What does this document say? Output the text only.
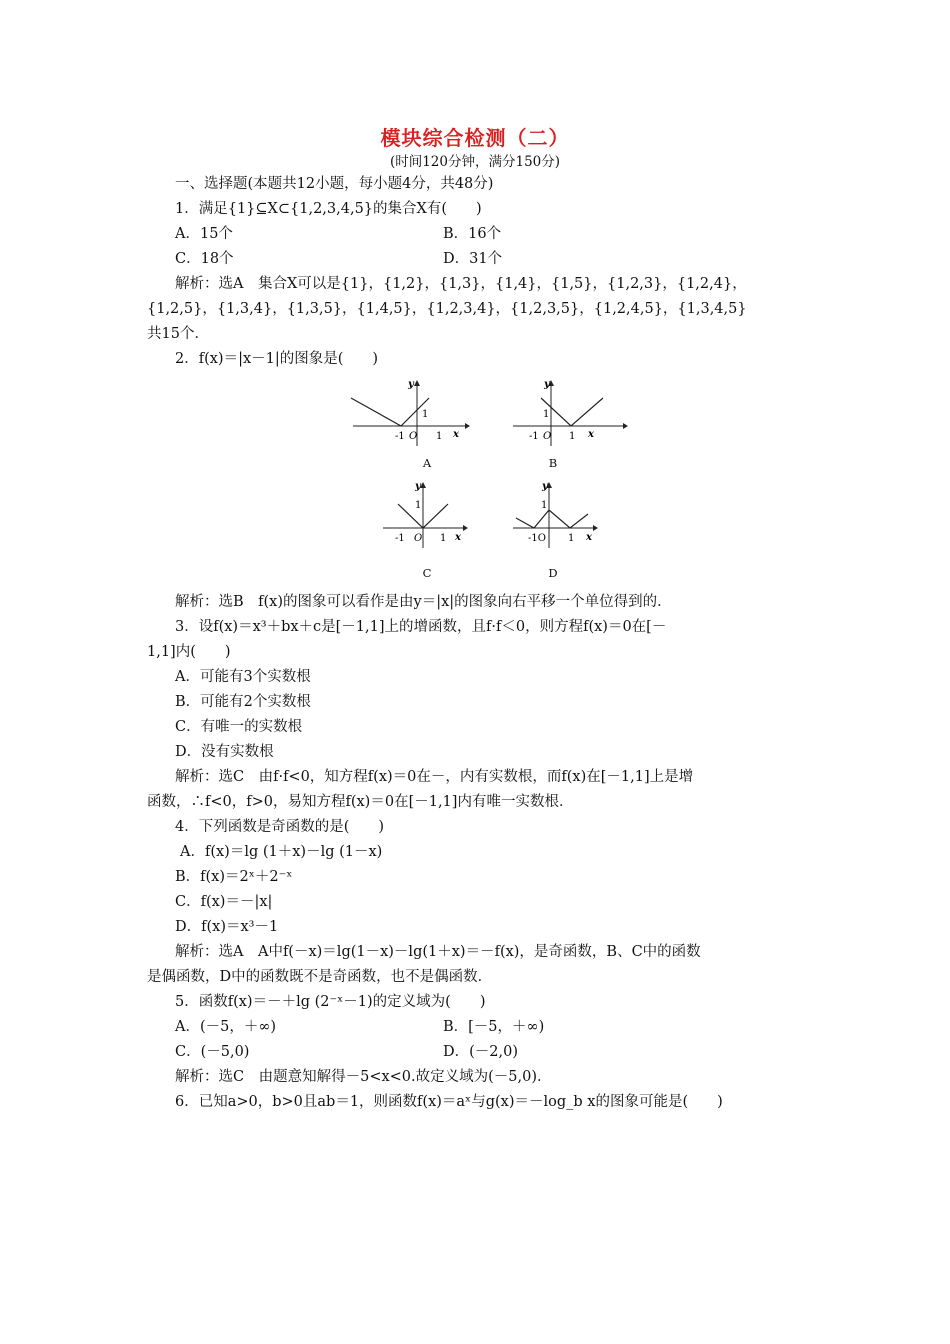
模块综合检测（二）
(时间120分钟，满分150分)
一、选择题(本题共12小题，每小题4分，共48分)
1．满足{1}⊆X⊂{1,2,3,4,5}的集合X有(　　)
A．15个	B．16个
C．18个	D．31个
解析：选A　集合X可以是{1}，{1,2}，{1,3}，{1,4}，{1,5}，{1,2,3}，{1,2,4}，
{1,2,5}，{1,3,4}，{1,3,5}，{1,4,5}，{1,2,3,4}，{1,2,3,5}，{1,2,4,5}，{1,3,4,5}
共15个．
2．f(x)＝|x－1|的图象是(　　)
y
x
1
-1 O 1
A
y
x
1
-1 O 1
B
y
x
1
-1 O 1
C
y
x
1
-1O 1
D
解析：选B　f(x)的图象可以看作是由y＝|x|的图象向右平移一个单位得到的．
3．设f(x)＝x³＋bx＋c是[－1,1]上的增函数，且f·f＜0，则方程f(x)＝0在[－
1,1]内(　　)
A．可能有3个实数根
B．可能有2个实数根
C．有唯一的实数根
D．没有实数根
解析：选C　由f·f<0，知方程f(x)＝0在－，内有实数根，而f(x)在[－1,1]上是增
函数，∴f<0，f>0，易知方程f(x)＝0在[－1,1]内有唯一实数根．
4．下列函数是奇函数的是(　　)
A．f(x)＝lg (1＋x)－lg (1－x)
B．f(x)＝2ˣ＋2⁻ˣ
C．f(x)＝－|x|
D．f(x)＝x³－1
解析：选A　A中f(－x)＝lg(1－x)－lg(1＋x)＝－f(x)，是奇函数，B、C中的函数
是偶函数，D中的函数既不是奇函数，也不是偶函数．
5．函数f(x)＝－＋lg (2⁻ˣ－1)的定义域为(　　)
A．(－5，＋∞)	B．[－5，＋∞)
C．(－5,0)	D．(－2,0)
解析：选C　由题意知解得－5<x<0.故定义域为(－5,0)．
6．已知a>0，b>0且ab＝1，则函数f(x)＝aˣ与g(x)＝－log_b x的图象可能是(　　)
